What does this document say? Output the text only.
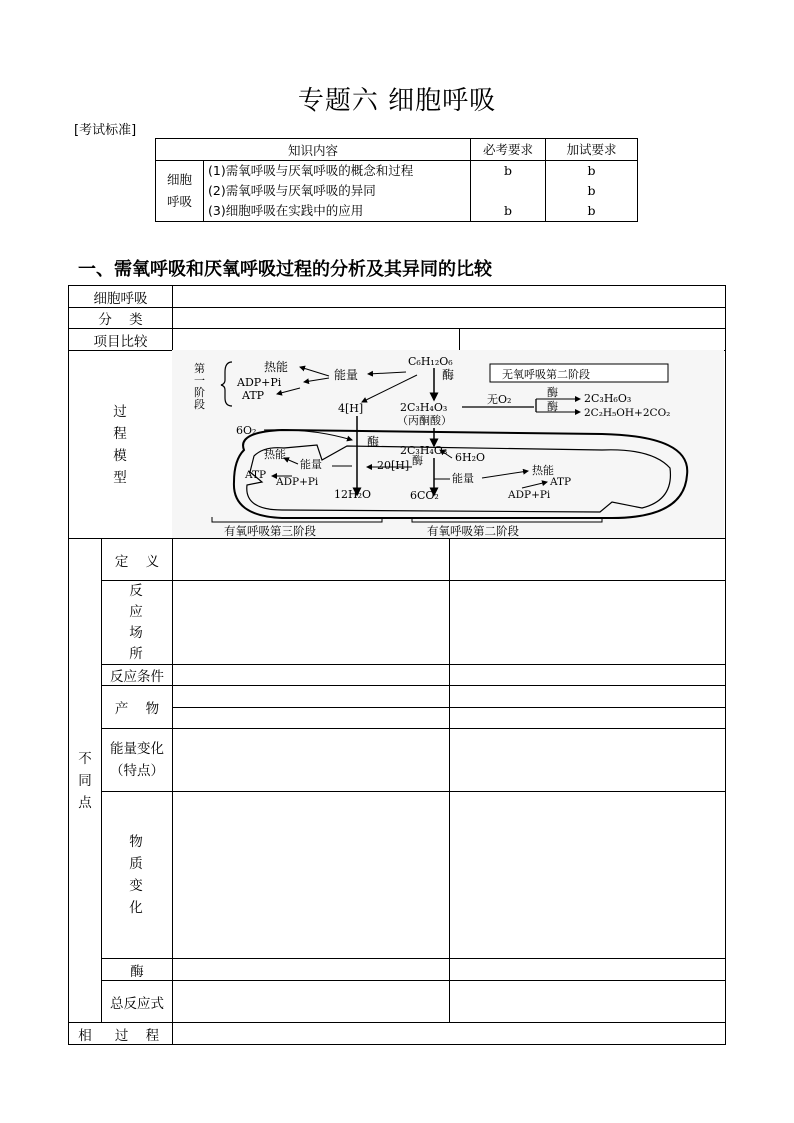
专题六 细胞呼吸
[考试标准]
知识内容		必考要求	加试要求

细胞呼吸	(1)需氧呼吸与厌氧呼吸的概念和过程	b	b
	(2)需氧呼吸与厌氧呼吸的异同		b
	(3)细胞呼吸在实践中的应用	b	b
一、需氧呼吸和厌氧呼吸过程的分析及其异同的比较
细胞呼吸
分    类
项目比较
过程模型
不同点
定    义
反应场所
反应条件
产    物
能量变化（特点）
物质变化
酶
总反应式
相	过    程
第
一
阶
段
热能
ADP+Pi
ATP
能量
C₆H₁₂O₆
酶
4[H]	2C₃H₄O₃
（丙酮酸）
无氧呼吸第二阶段
无O₂
酶
酶
2C₃H₆O₃
2C₂H₅OH+2CO₂
6O₂
酶
2C₃H₄O₃
酶
20[H]
6H₂O
12H₂O	6CO₂
热能
能量
ATP
ADP+Pi	能量
热能
ATP
ADP+Pi
有氧呼吸第三阶段	有氧呼吸第二阶段
